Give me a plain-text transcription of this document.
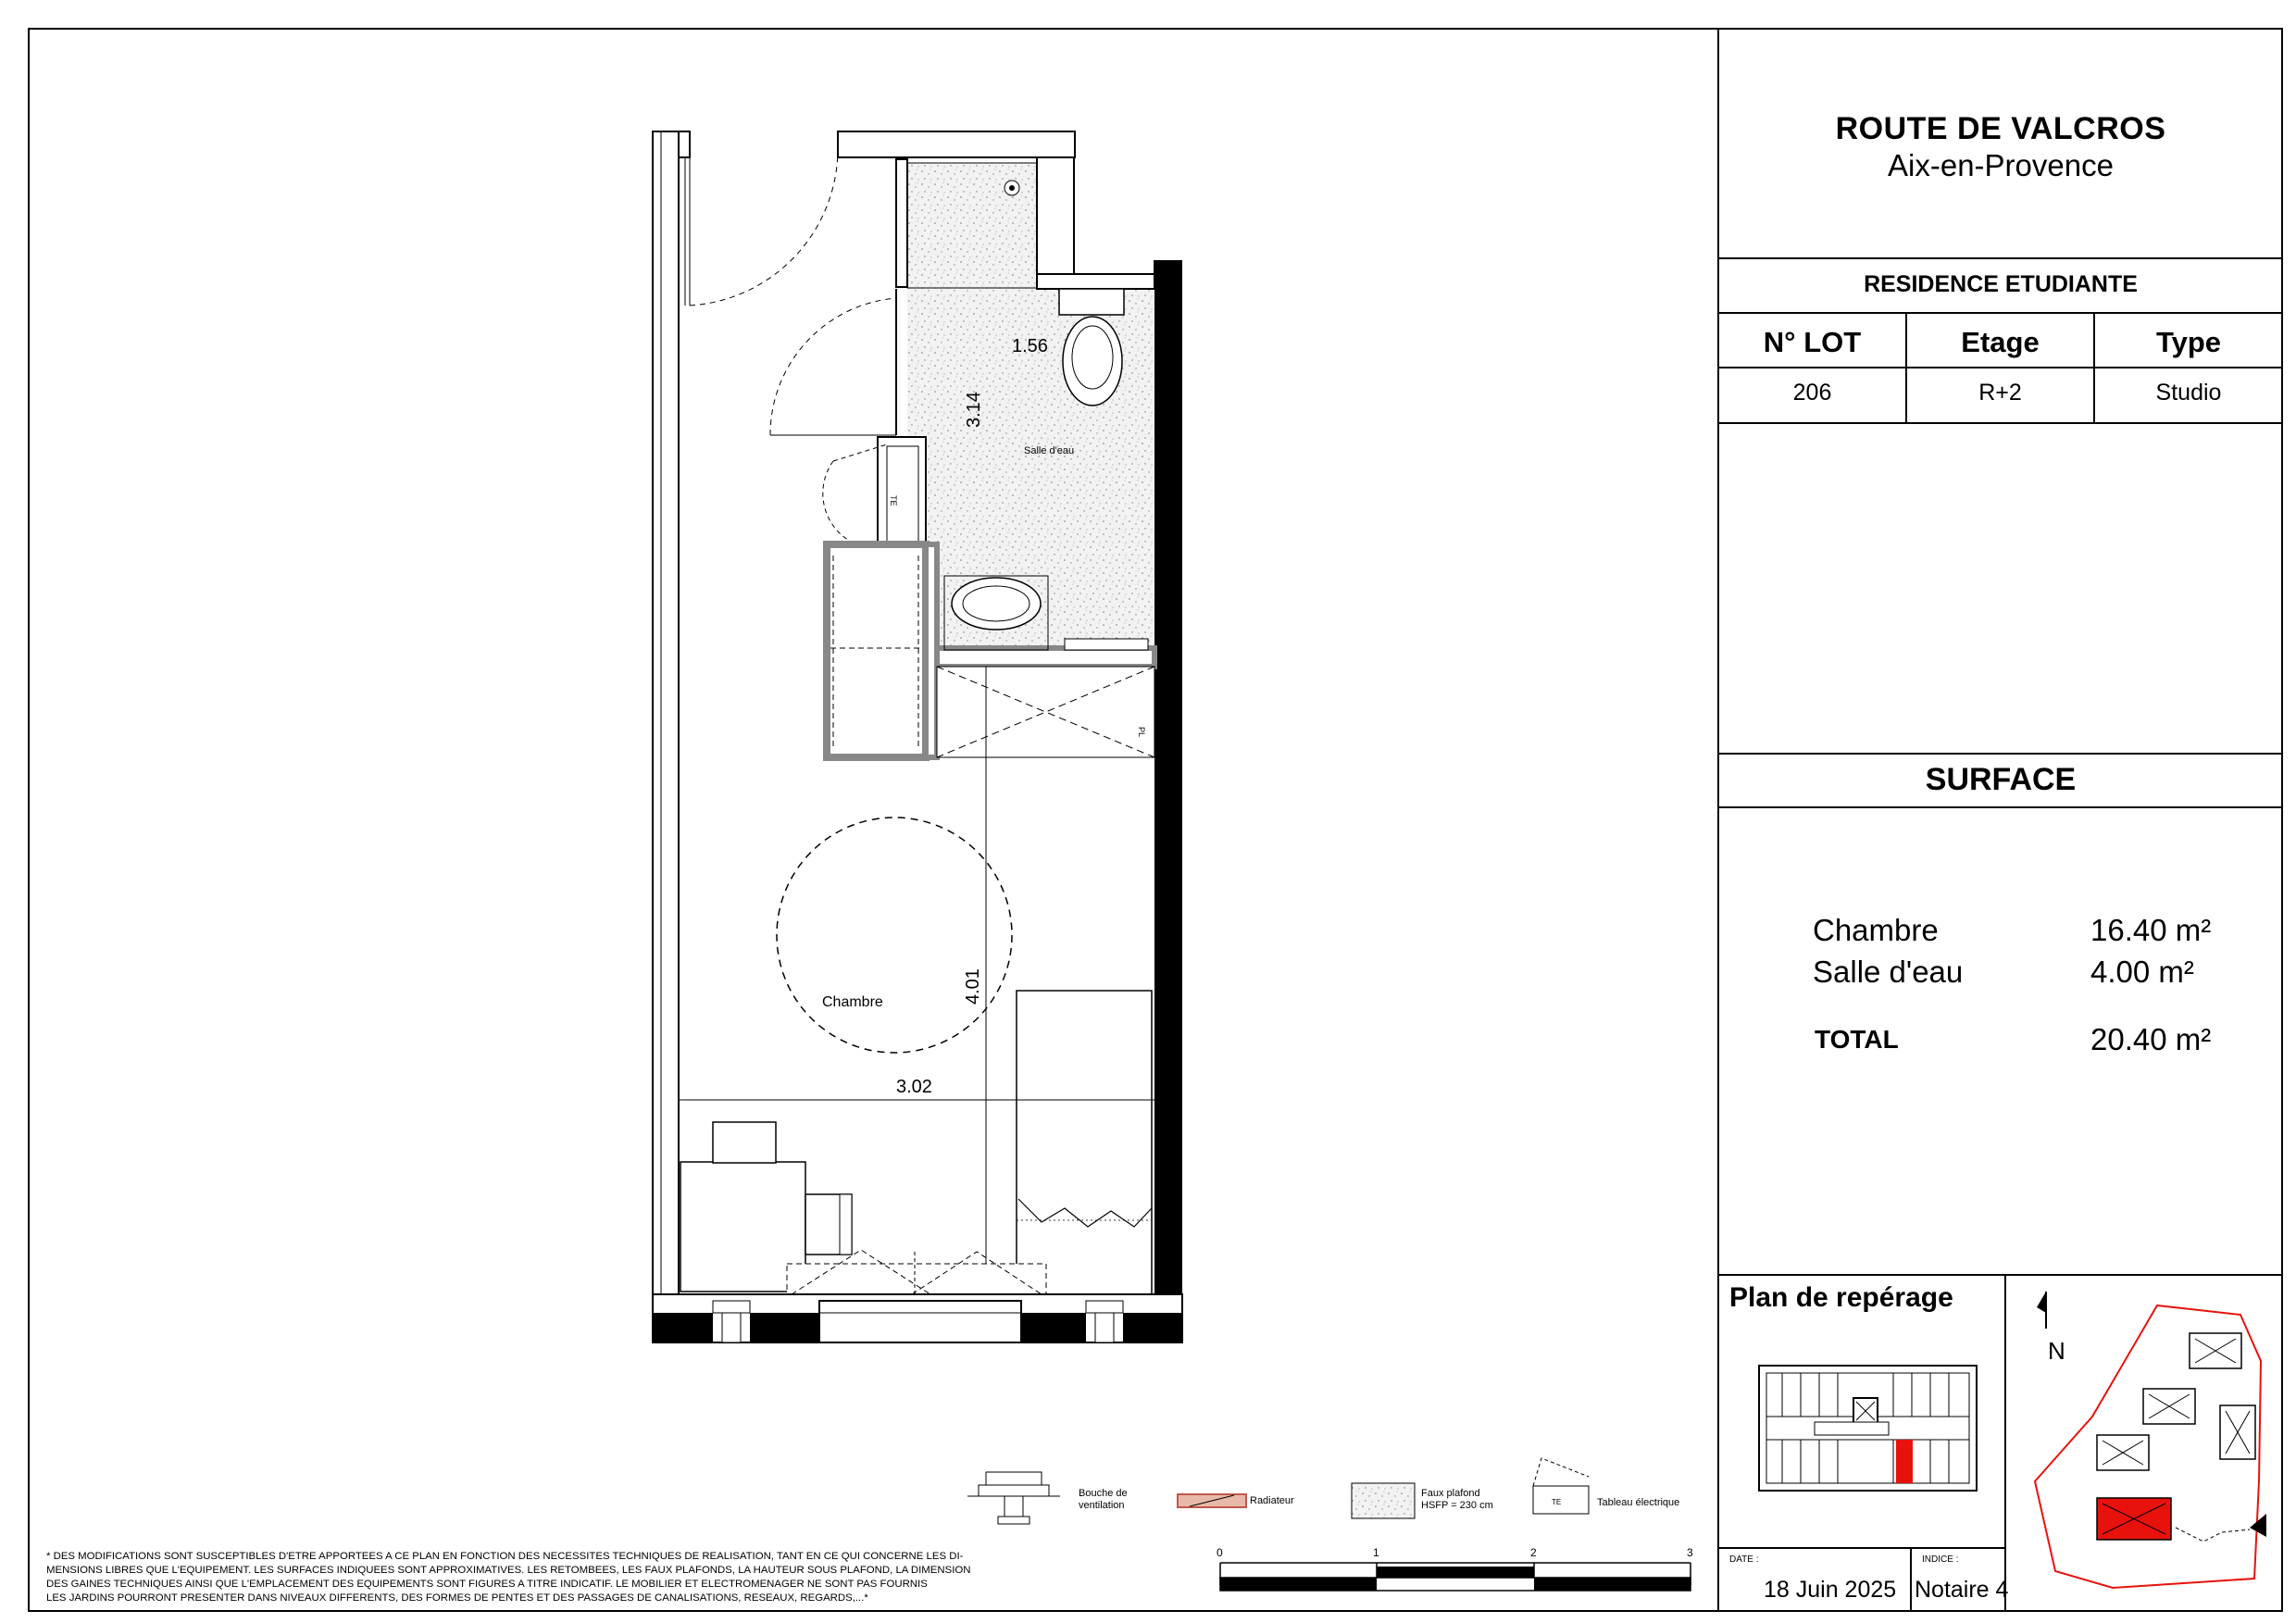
ROUTE DE VALCROS
Aix-en-Provence
RESIDENCE ETUDIANTE
N° LOT	Etage	Type
206	R+2	Studio
SURFACE
Chambre	16.40 m²
Salle d'eau	4.00 m²
TOTAL	20.40 m²
Plan de repérage
DATE :
18 Juin 2025
INDICE :
Notaire 4
* DES MODIFICATIONS SONT SUSCEPTIBLES D'ETRE APPORTEES A CE PLAN EN FONCTION DES NECESSITES TECHNIQUES DE REALISATION, TANT EN CE QUI CONCERNE LES DI-
MENSIONS LIBRES QUE L'EQUIPEMENT. LES SURFACES INDIQUEES SONT APPROXIMATIVES. LES RETOMBEES, LES FAUX PLAFONDS, LA HAUTEUR SOUS PLAFOND, LA DIMENSION
DES GAINES TECHNIQUES AINSI QUE L'EMPLACEMENT DES EQUIPEMENTS SONT FIGURES A TITRE INDICATIF. LE MOBILIER ET ELECTROMENAGER NE SONT PAS FOURNIS
LES JARDINS POURRONT PRESENTER DANS NIVEAUX DIFFERENTS, DES FORMES DE PENTES ET DES PASSAGES DE CANALISATIONS, RESEAUX, REGARDS,...*
TE
PL
1.56
3.14
Salle d'eau
Chambre	4.01
3.02
TE
0	1	2	3
N
Bouche de
ventilation	Radiateur
Faux plafond
HSFP = 230 cm	Tableau électrique
